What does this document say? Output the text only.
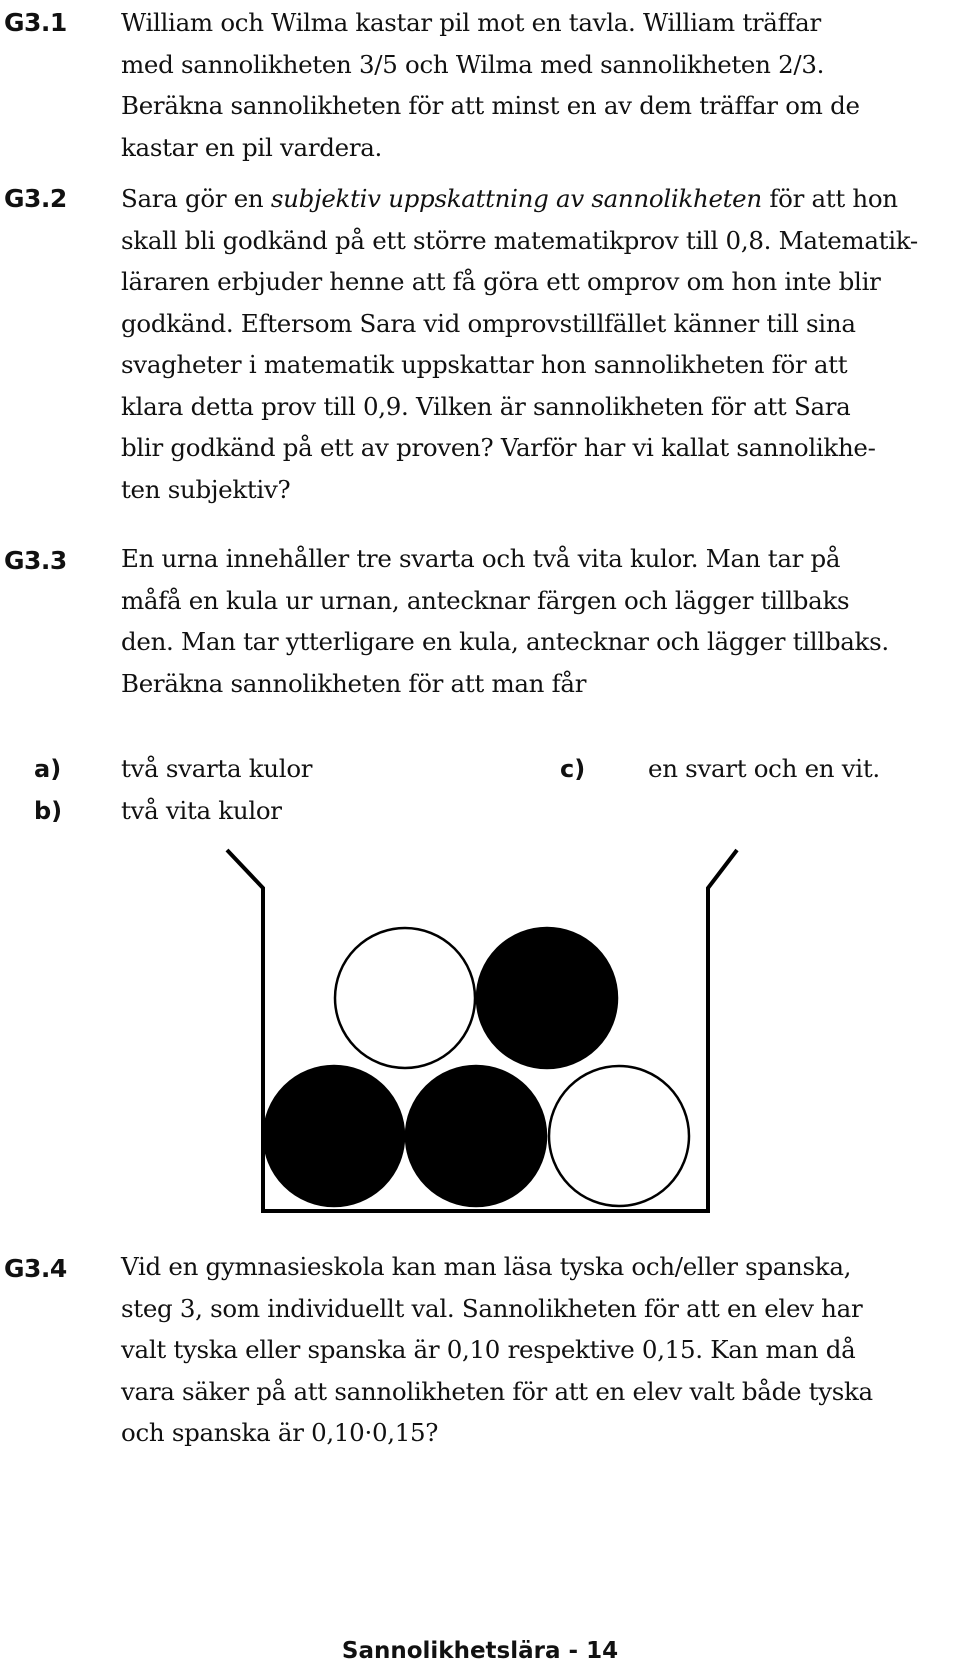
G3.1 William och Wilma kastar pil mot en tavla. William träffar
med sannolikheten 3/5 och Wilma med sannolikheten 2/3.
Beräkna sannolikheten för att minst en av dem träffar om de
kastar en pil vardera.
G3.2 Sara gör en subjektiv uppskattning av sannolikheten för att hon
skall bli godkänd på ett större matematikprov till 0,8. Matematik-
läraren erbjuder henne att få göra ett omprov om hon inte blir
godkänd. Eftersom Sara vid omprovstillfället känner till sina
svagheter i matematik uppskattar hon sannolikheten för att
klara detta prov till 0,9. Vilken är sannolikheten för att Sara
blir godkänd på ett av proven? Varför har vi kallat sannolikhe-
ten subjektiv?
G3.3 En urna innehåller tre svarta och två vita kulor. Man tar på
måfå en kula ur urnan, antecknar färgen och lägger tillbaks
den. Man tar ytterligare en kula, antecknar och lägger tillbaks.
Beräkna sannolikheten för att man får
a) två svarta kulor	c)	en svart och en vit.
b) två vita kulor
G3.4 Vid en gymnasieskola kan man läsa tyska och/eller spanska,
steg 3, som individuellt val. Sannolikheten för att en elev har
valt tyska eller spanska är 0,10 respektive 0,15. Kan man då
vara säker på att sannolikheten för att en elev valt både tyska
och spanska är 0,10·0,15?
Sannolikhetslära - 14
